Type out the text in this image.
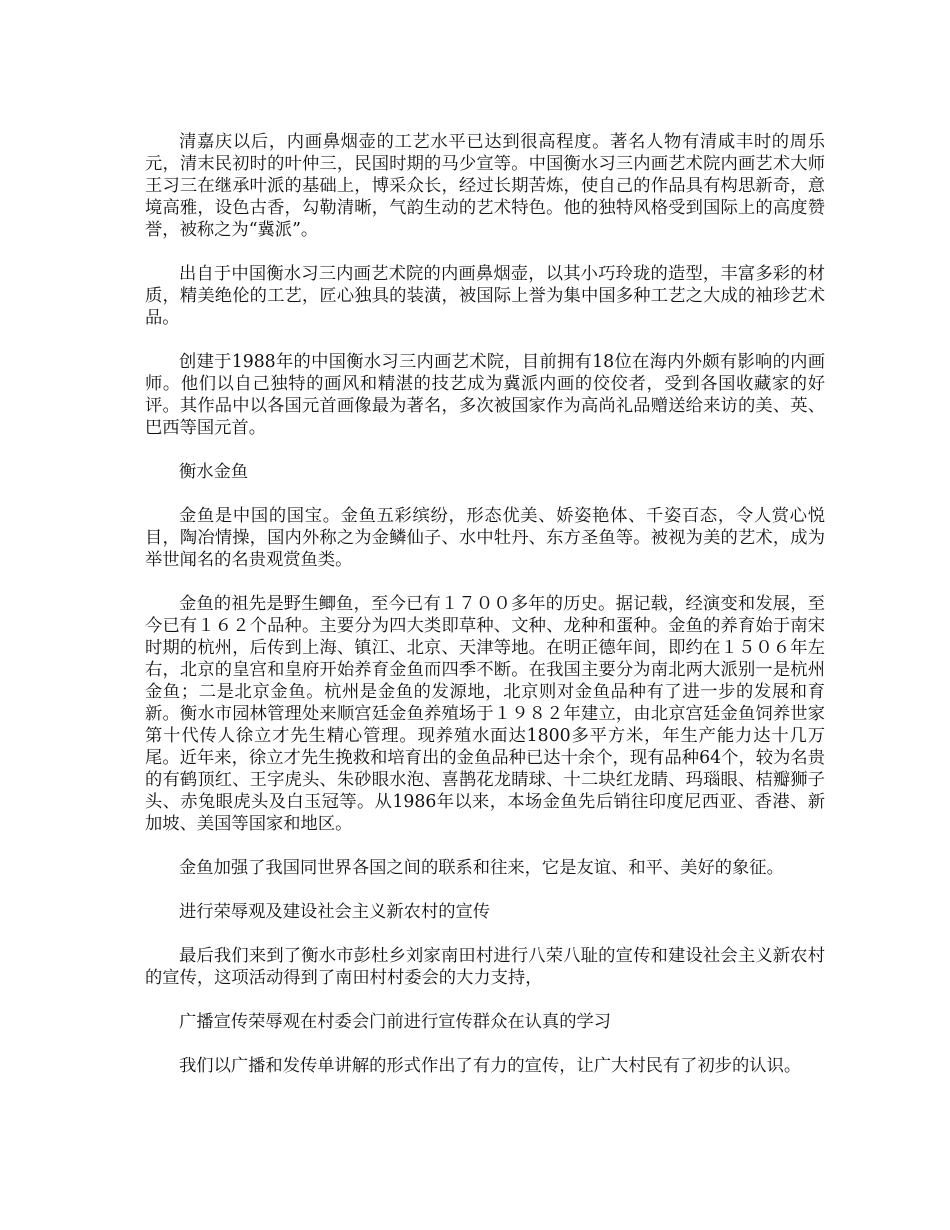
清嘉庆以后，内画鼻烟壶的工艺水平已达到很高程度。著名人物有清咸丰时的周乐元，清末民初时的叶仲三，民国时期的马少宣等。中国衡水习三内画艺术院内画艺术大师王习三在继承叶派的基础上，博采众长，经过长期苦炼，使自己的作品具有构思新奇，意境高雅，设色古香，勾勒清晰，气韵生动的艺术特色。他的独特风格受到国际上的高度赞誉，被称之为“冀派”。

出自于中国衡水习三内画艺术院的内画鼻烟壶，以其小巧玲珑的造型，丰富多彩的材质，精美绝伦的工艺，匠心独具的装潢，被国际上誉为集中国多种工艺之大成的袖珍艺术品。

创建于1988年的中国衡水习三内画艺术院，目前拥有18位在海内外颇有影响的内画师。他们以自己独特的画风和精湛的技艺成为冀派内画的佼佼者，受到各国收藏家的好评。其作品中以各国元首画像最为著名，多次被国家作为高尚礼品赠送给来访的美、英、巴西等国元首。

衡水金鱼

金鱼是中国的国宝。金鱼五彩缤纷，形态优美、娇姿艳体、千姿百态，令人赏心悦目，陶冶情操，国内外称之为金鳞仙子、水中牡丹、东方圣鱼等。被视为美的艺术，成为举世闻名的名贵观赏鱼类。

金鱼的祖先是野生鲫鱼，至今已有１７００多年的历史。据记载，经演变和发展，至今已有１６２个品种。主要分为四大类即草种、文种、龙种和蛋种。金鱼的养育始于南宋时期的杭州，后传到上海、镇江、北京、天津等地。在明正德年间，即约在１５０６年左右，北京的皇宫和皇府开始养育金鱼而四季不断。在我国主要分为南北两大派别一是杭州金鱼；二是北京金鱼。杭州是金鱼的发源地，北京则对金鱼品种有了进一步的发展和育新。衡水市园林管理处来顺宫廷金鱼养殖场于１９８２年建立，由北京宫廷金鱼饲养世家第十代传人徐立才先生精心管理。现养殖水面达1800多平方米，年生产能力达十几万尾。近年来，徐立才先生挽救和培育出的金鱼品种已达十余个，现有品种64个，较为名贵的有鹤顶红、王字虎头、朱砂眼水泡、喜鹊花龙睛球、十二块红龙睛、玛瑙眼、桔瓣狮子头、赤兔眼虎头及白玉冠等。从1986年以来，本场金鱼先后销往印度尼西亚、香港、新加坡、美国等国家和地区。

金鱼加强了我国同世界各国之间的联系和往来，它是友谊、和平、美好的象征。

进行荣辱观及建设社会主义新农村的宣传

最后我们来到了衡水市彭杜乡刘家南田村进行八荣八耻的宣传和建设社会主义新农村的宣传，这项活动得到了南田村村委会的大力支持，

广播宣传荣辱观在村委会门前进行宣传群众在认真的学习

我们以广播和发传单讲解的形式作出了有力的宣传，让广大村民有了初步的认识。
